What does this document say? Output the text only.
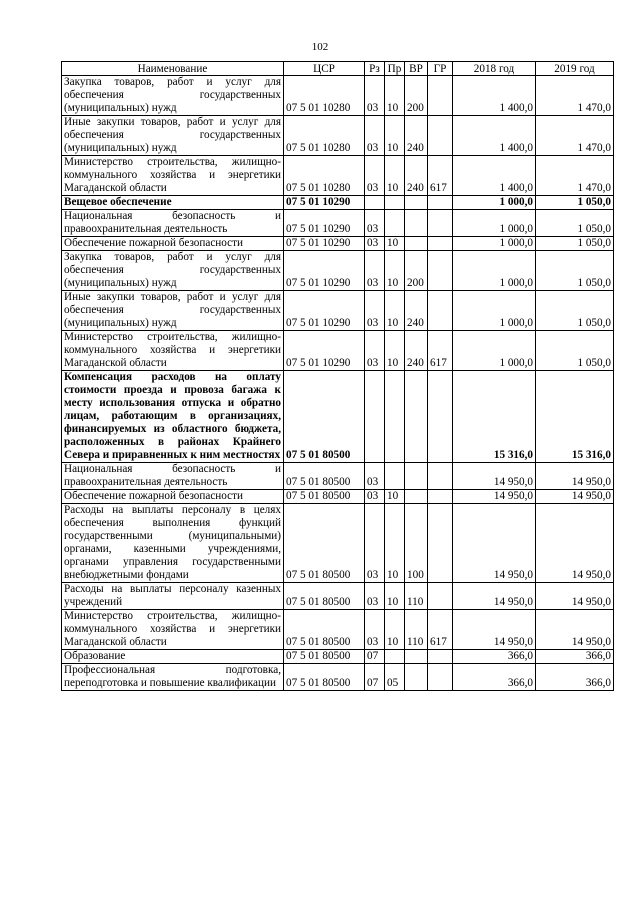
102
Наименование	ЦСР	Рз	Пр	ВР	ГР	2018 год	2019 год
Закупка товаров, работ и услуг для обеспечения государственных (муниципальных) нужд	07 5 01 10280	03	10	200		1 400,0	1 470,0
Иные закупки товаров, работ и услуг для обеспечения государственных (муниципальных) нужд	07 5 01 10280	03	10	240		1 400,0	1 470,0
Министерство строительства, жилищно-коммунального хозяйства и энергетики Магаданской области	07 5 01 10280	03	10	240	617	1 400,0	1 470,0
Вещевое обеспечение	07 5 01 10290					1 000,0	1 050,0
Национальная безопасность и правоохранительная деятельность	07 5 01 10290	03				1 000,0	1 050,0
Обеспечение пожарной безопасности	07 5 01 10290	03	10			1 000,0	1 050,0
Закупка товаров, работ и услуг для обеспечения государственных (муниципальных) нужд	07 5 01 10290	03	10	200		1 000,0	1 050,0
Иные закупки товаров, работ и услуг для обеспечения государственных (муниципальных) нужд	07 5 01 10290	03	10	240		1 000,0	1 050,0
Министерство строительства, жилищно-коммунального хозяйства и энергетики Магаданской области	07 5 01 10290	03	10	240	617	1 000,0	1 050,0
Компенсация расходов на оплату стоимости проезда и провоза багажа к месту использования отпуска и обратно лицам, работающим в организациях, финансируемых из областного бюджета, расположенных в районах Крайнего Севера и приравненных к ним местностях	07 5 01 80500					15 316,0	15 316,0
Национальная безопасность и правоохранительная деятельность	07 5 01 80500	03				14 950,0	14 950,0
Обеспечение пожарной безопасности	07 5 01 80500	03	10			14 950,0	14 950,0
Расходы на выплаты персоналу в целях обеспечения выполнения функций государственными (муниципальными) органами, казенными учреждениями, органами управления государственными внебюджетными фондами	07 5 01 80500	03	10	100		14 950,0	14 950,0
Расходы на выплаты персоналу казенных учреждений	07 5 01 80500	03	10	110		14 950,0	14 950,0
Министерство строительства, жилищно-коммунального хозяйства и энергетики Магаданской области	07 5 01 80500	03	10	110	617	14 950,0	14 950,0
Образование	07 5 01 80500	07				366,0	366,0
Профессиональная подготовка, переподготовка и повышение квалификации	07 5 01 80500	07	05			366,0	366,0
